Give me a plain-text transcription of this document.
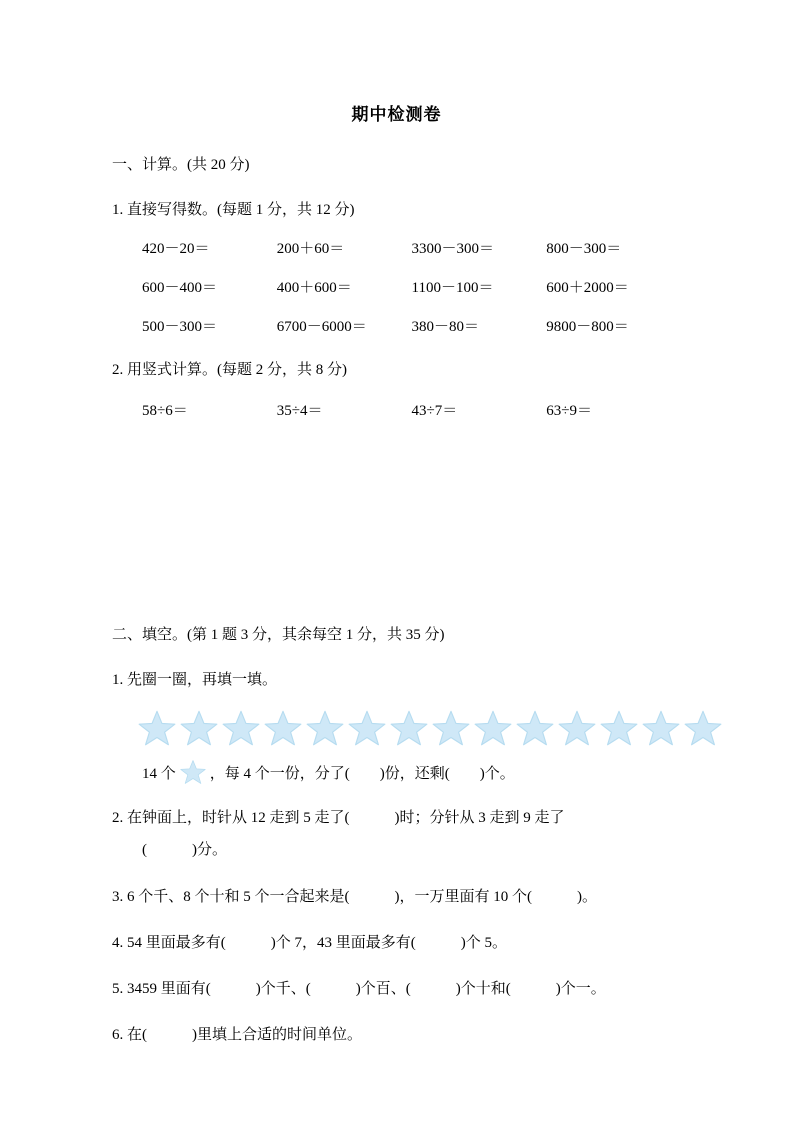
期中检测卷
一、计算。(共 20 分)
1. 直接写得数。(每题 1 分，共 12 分)
420－20＝	200＋60＝	3300－300＝	800－300＝
600－400＝	400＋600＝	1100－100＝	600＋2000＝
500－300＝	6700－6000＝	380－80＝	9800－800＝
2. 用竖式计算。(每题 2 分，共 8 分)
58÷6＝	35÷4＝	43÷7＝	63÷9＝
二、填空。(第 1 题 3 分，其余每空 1 分，共 35 分)
1. 先圈一圈，再填一填。
14 个 ，每 4 个一份，分了(　　)份，还剩(　　)个。
2. 在钟面上，时针从 12 走到 5 走了(　　　)时；分针从 3 走到 9 走了
(　　　)分。
3. 6 个千、8 个十和 5 个一合起来是(　　　)，一万里面有 10 个(　　　)。
4. 54 里面最多有(　　　)个 7，43 里面最多有(　　　)个 5。
5. 3459 里面有(　　　)个千、(　　　)个百、(　　　)个十和(　　　)个一。
6. 在(　　　)里填上合适的时间单位。
